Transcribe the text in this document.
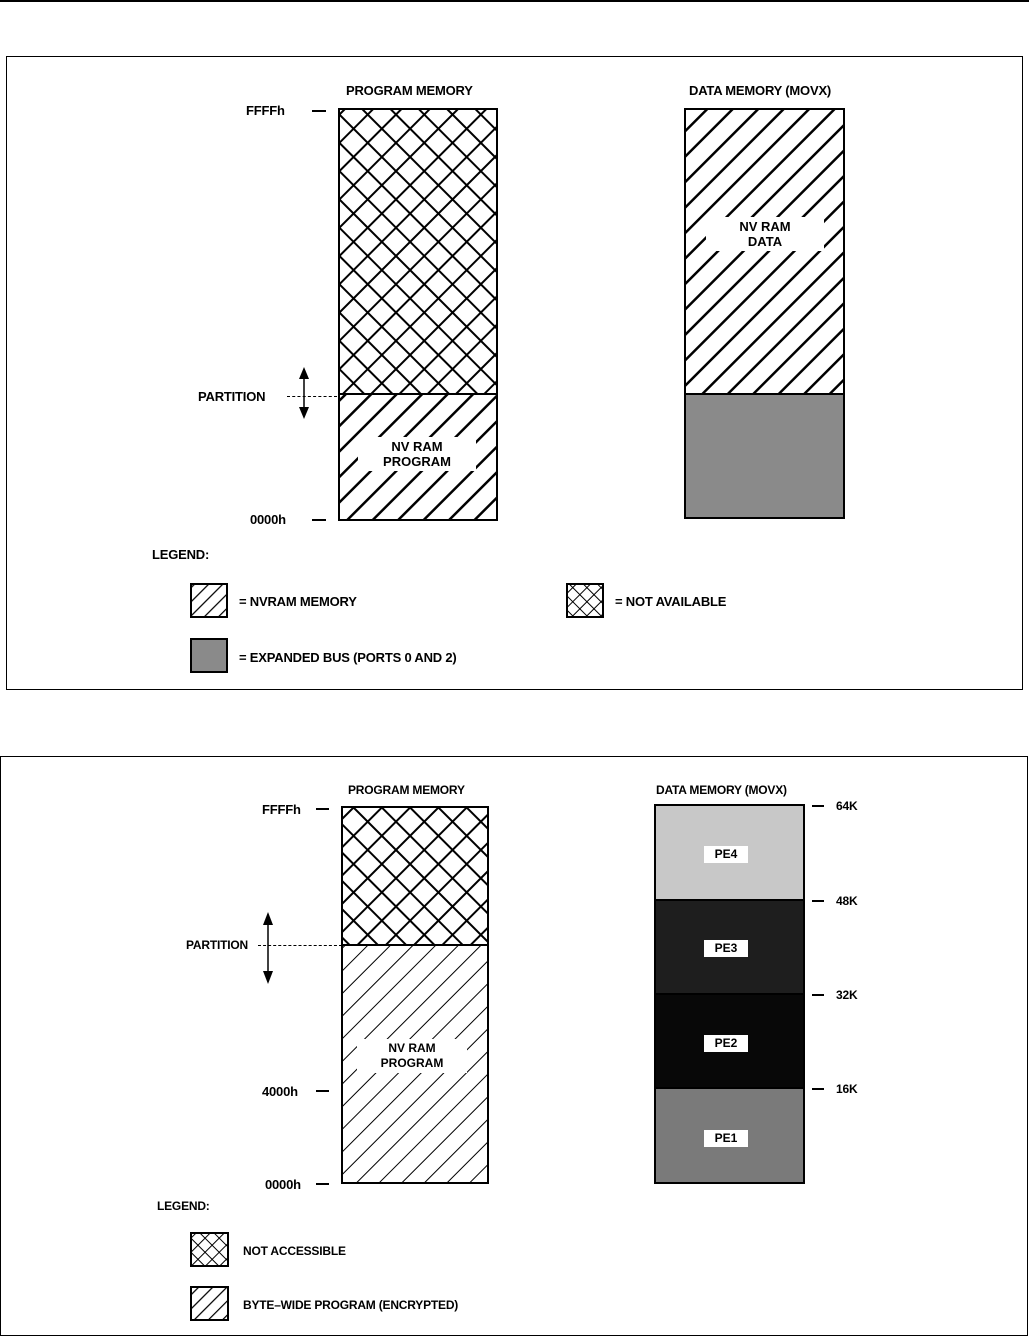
PROGRAM MEMORY	DATA MEMORY (MOVX)
FFFFh
0000h
PARTITION
NV RAM
PROGRAM
NV RAM
DATA
LEGEND:
= NVRAM MEMORY	= NOT AVAILABLE
= EXPANDED BUS (PORTS 0 AND 2)
PROGRAM MEMORY	DATA MEMORY (MOVX)
FFFFh
4000h
0000h
PARTITION
NV RAM
PROGRAM
PE4
PE3
PE2
PE1
64K
48K
32K
16K
LEGEND:
NOT ACCESSIBLE
BYTE–WIDE PROGRAM (ENCRYPTED)
